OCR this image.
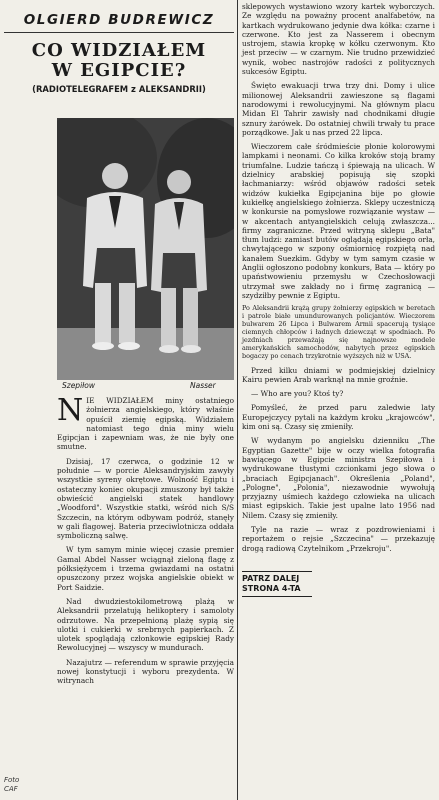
OLGIERD BUDREWICZ
CO WIDZIAŁEM
W EGIPCIE?
(RADIOTELEGRAFEM z ALEKSANDRII)
Szepiłow	Nasser

NIE WIDZIAŁEM miny ostatniego żołnierza angielskiego, który właśnie opuścił ziemię egipską. Widziałem natomiast tego dnia miny wielu Egipcjan i zapewniam was, że nie były one smutne.

Dzisiaj, 17 czerwca, o godzinie 12 w południe — w porcie Aleksandryjskim zawyły wszystkie syreny okrętowe. Wolność Egiptu i ostateczny koniec okupacji zmuszony był także obwieścić angielski statek handlowy „Woodford". Wszystkie statki, wśród nich S/S Szczecin, na którym odbywam podróż, stanęły w gali flagowej. Bateria przeciwlotnicza oddała symboliczną salwę.

W tym samym minie więcej czasie premier Gamal Abdel Nasser wciągnął zieloną flagę z półksiężycem i trzema gwiazdami na ostatni opuszczony przez wojska angielskie obiekt w Port Saidzie.

Nad dwudziestokilometrową plażą w Aleksandrii przelatują helikoptery i samoloty odrzutowe. Na przepełnioną plażę sypią się ulotki i cukierki w srebrnych papierkach. Z ulotek spoglądają członkowie egipskiej Rady Rewolucyjnej — wszyscy w mundurach.

Nazajutrz — referendum w sprawie przyjęcia nowej konstytucji i wyboru prezydenta. W witrynach

Foto
CAF

sklepowych wystawiono wzory kartek wyborczych. Ze względu na poważny procent analfabetów, na kartkach wydrukowano jedynie dwa kółka: czarne i czerwone. Kto jest za Nasserem i obecnym ustrojem, stawia kropkę w kółku czerwonym. Kto jest przeciw — w czarnym. Nie trudno przewidzieć wynik, wobec nastrojów radości z politycznych sukcesów Egiptu.

Święto ewakuacji trwa trzy dni. Domy i ulice milionowej Aleksandrii zawieszone są flagami narodowymi i rewolucyjnymi. Na głównym placu Midan El Tahrir zawisły nad chodnikami długie sznury żarówek. Do ostatniej chwili trwały tu prace porządkowe. Jak u nas przed 22 lipca.

Wieczorem całe śródmieście płonie kolorowymi lampkami i neonami. Co kilka kroków stoją bramy triumfalne. Ludzie tańczą i śpiewają na ulicach. W dzielnicy arabskiej popisują się szopki łachmaniarzy: wśród objawów radości setek widzów kukiełka Egipcjanina bije po głowie kukiełkę angielskiego żołnierza. Sklepy uczestniczą w konkursie na pomysłowe rozwiązanie wystaw — w akcentach antyangielskich celują zwłaszcza... firmy zagraniczne. Przed witryną sklepu „Bata" tłum ludzi: zamiast butów oglądają egipskiego orła, chwytającego w szpony ośmiornicę rozpiętą nad kanałem Suezkim. Gdyby w tym samym czasie w Anglii ogłoszono podobny konkurs, Bata — który po upaństwowieniu przemysłu w Czechosłowacji utrzymał swe zakłady no i firmę zagranicą — szydziłby pewnie z Egiptu.

Po Aleksandrii krążą grupy żołnierzy egipskich w beretach i patrole białe umundurowanych policjantów. Wieczorem bulwarem 26 Lipca i Bulwarem Armii spacerują tysiące ciemnych chłopców i ładnych dziewcząt w spodniach. Po jezdniach przeważają się najnowsze modele amerykańskich samochodów, nabytych przez egipskich bogaczy po cenach trzykrotnie wyższych niż w USA.

Przed kilku dniami w podmiejskiej dzielnicy Kairu pewien Arab warknął na mnie groźnie.

— Who are you? Ktoś ty?

Pomyśleć, że przed paru zaledwie laty Europejczycy pytali na każdym kroku „krajowców", kim oni są. Czasy się zmieniły.

W wydanym po angielsku dzienniku „The Egyptian Gazette" bije w oczy wielka fotografia bawiącego w Egipcie ministra Szepiłowa i wydrukowane tłustymi czcionkami jego słowa o „braciach Egipcjanach". Określenia „Poland", „Pologne", „Polonia", niezawodnie wywołują przyjazny uśmiech każdego człowieka na ulicach miast egipskich. Takie jest upalne lato 1956 nad Nilem. Czasy się zmieniły.

Tyle na razie — wraz z pozdrowieniami i reportażem o rejsie „Szczecina" — przekazuję drogą radiową Czytelnikom „Przekroju".

PATRZ DALEJ
STRONA 4-TA
